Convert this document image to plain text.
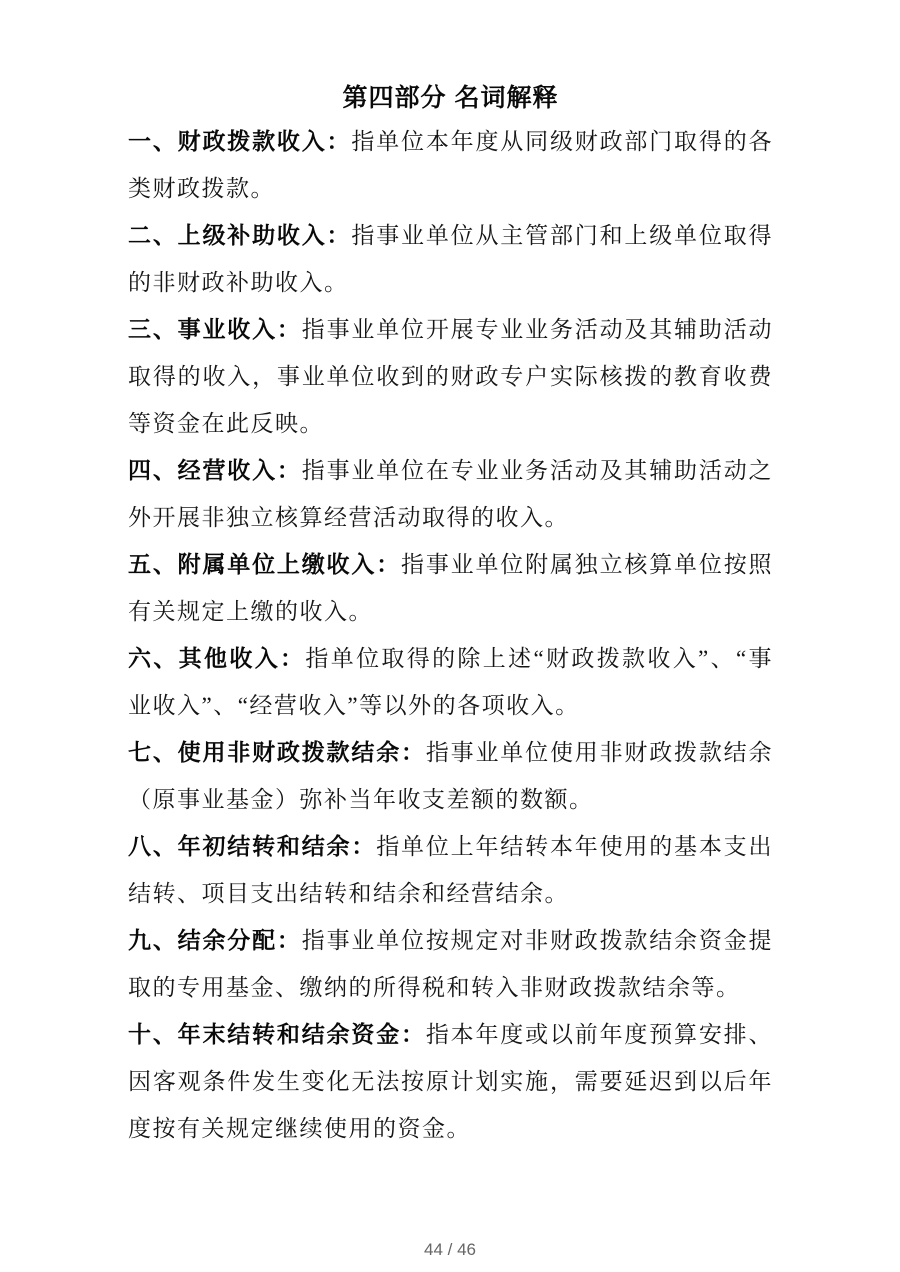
第四部分 名词解释

一、财政拨款收入：指单位本年度从同级财政部门取得的各类财政拨款。

二、上级补助收入：指事业单位从主管部门和上级单位取得的非财政补助收入。

三、事业收入：指事业单位开展专业业务活动及其辅助活动取得的收入，事业单位收到的财政专户实际核拨的教育收费等资金在此反映。

四、经营收入：指事业单位在专业业务活动及其辅助活动之外开展非独立核算经营活动取得的收入。

五、附属单位上缴收入：指事业单位附属独立核算单位按照有关规定上缴的收入。

六、其他收入：指单位取得的除上述“财政拨款收入”、“事业收入”、“经营收入”等以外的各项收入。

七、使用非财政拨款结余：指事业单位使用非财政拨款结余（原事业基金）弥补当年收支差额的数额。

八、年初结转和结余：指单位上年结转本年使用的基本支出结转、项目支出结转和结余和经营结余。

九、结余分配：指事业单位按规定对非财政拨款结余资金提取的专用基金、缴纳的所得税和转入非财政拨款结余等。

十、年末结转和结余资金：指本年度或以前年度预算安排、因客观条件发生变化无法按原计划实施，需要延迟到以后年度按有关规定继续使用的资金。

44 / 46
